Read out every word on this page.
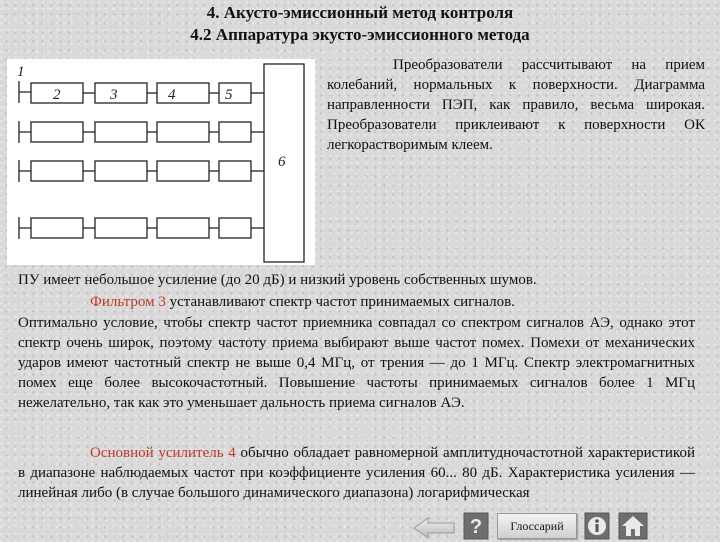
4. Акусто-эмиссионный метод контроля
4.2 Аппаратура экусто-эмиссионного метода
1
2	3	4	5
6

Преобразователи рассчитывают на прием колебаний, нормальных к поверхности. Диаграмма направленности ПЭП, как правило, весьма широкая. Преобразователи приклеивают к поверхности ОК легкорастворимым клеем.

ПУ имеет небольшое усиление (до 20 дБ) и низкий уровень собственных шумов.

Фильтром 3 устанавливают спектр частот принимаемых сигналов.

Оптимально условие, чтобы спектр частот приемника совпадал со спектром сигналов АЭ, однако этот спектр очень широк, поэтому частоту приема выбирают выше частот помех. Помехи от механических ударов имеют частотный спектр не выше 0,4 МГц, от трения — до 1 МГц. Спектр электромагнитных помех еще более высокочастотный. Повышение частоты принимаемых сигналов более 1 МГц нежелательно, так как это уменьшает дальность приема сигналов АЭ.

Основной усилитель 4 обычно обладает равномерной амплитудночастотной характеристикой в диапазоне наблюдаемых частот при коэффициенте усиления 60... 80 дБ. Характеристика усиления — линейная либо (в случае большого динамического диапазона) логарифмическая

?	Глоссарий
